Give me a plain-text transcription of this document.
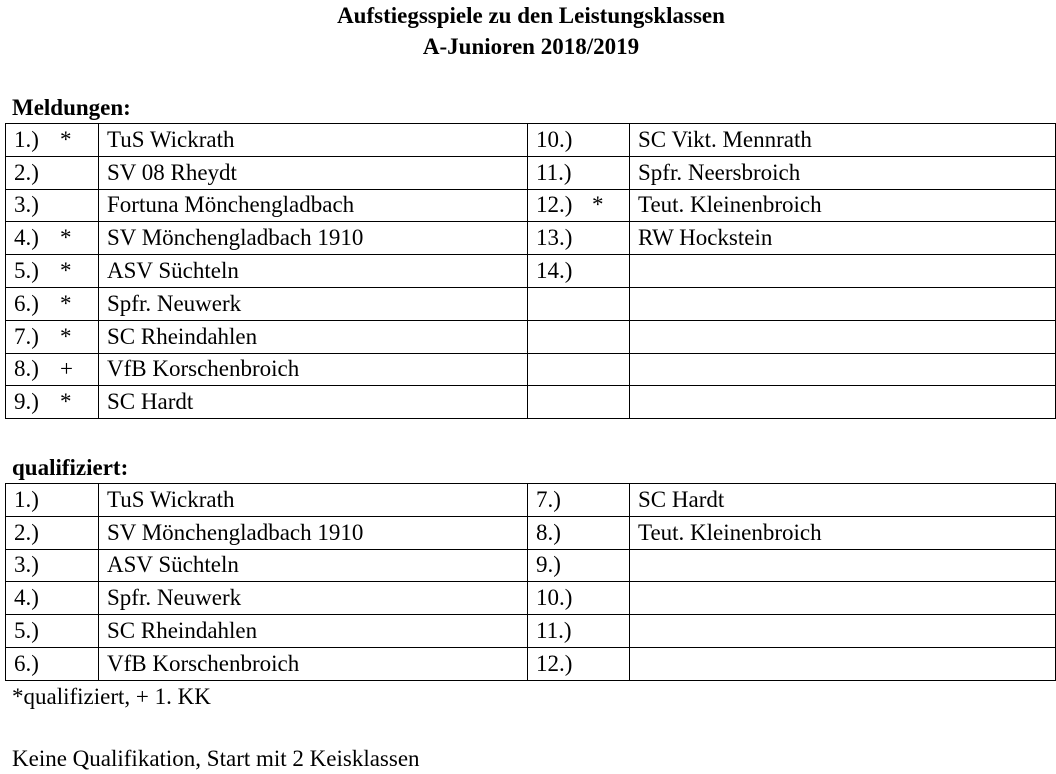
Aufstiegsspiele zu den Leistungsklassen
A-Junioren 2018/2019
Meldungen:
1.) *	TuS Wickrath	10.)	SC Vikt. Mennrath
2.)	SV 08 Rheydt	11.)	Spfr. Neersbroich
3.)	Fortuna Mönchengladbach	12.) *	Teut. Kleinenbroich
4.) *	SV Mönchengladbach 1910	13.)	RW Hockstein
5.) *	ASV Süchteln	14.)	
6.) *	Spfr. Neuwerk		
7.) *	SC Rheindahlen		
8.) +	VfB Korschenbroich		
9.) *	SC Hardt		
qualifiziert:
1.)	TuS Wickrath	7.)	SC Hardt
2.)	SV Mönchengladbach 1910	8.)	Teut. Kleinenbroich
3.)	ASV Süchteln	9.)	
4.)	Spfr. Neuwerk	10.)	
5.)	SC Rheindahlen	11.)	
6.)	VfB Korschenbroich	12.)	
*qualifiziert, + 1. KK
Keine Qualifikation, Start mit 2 Keisklassen
